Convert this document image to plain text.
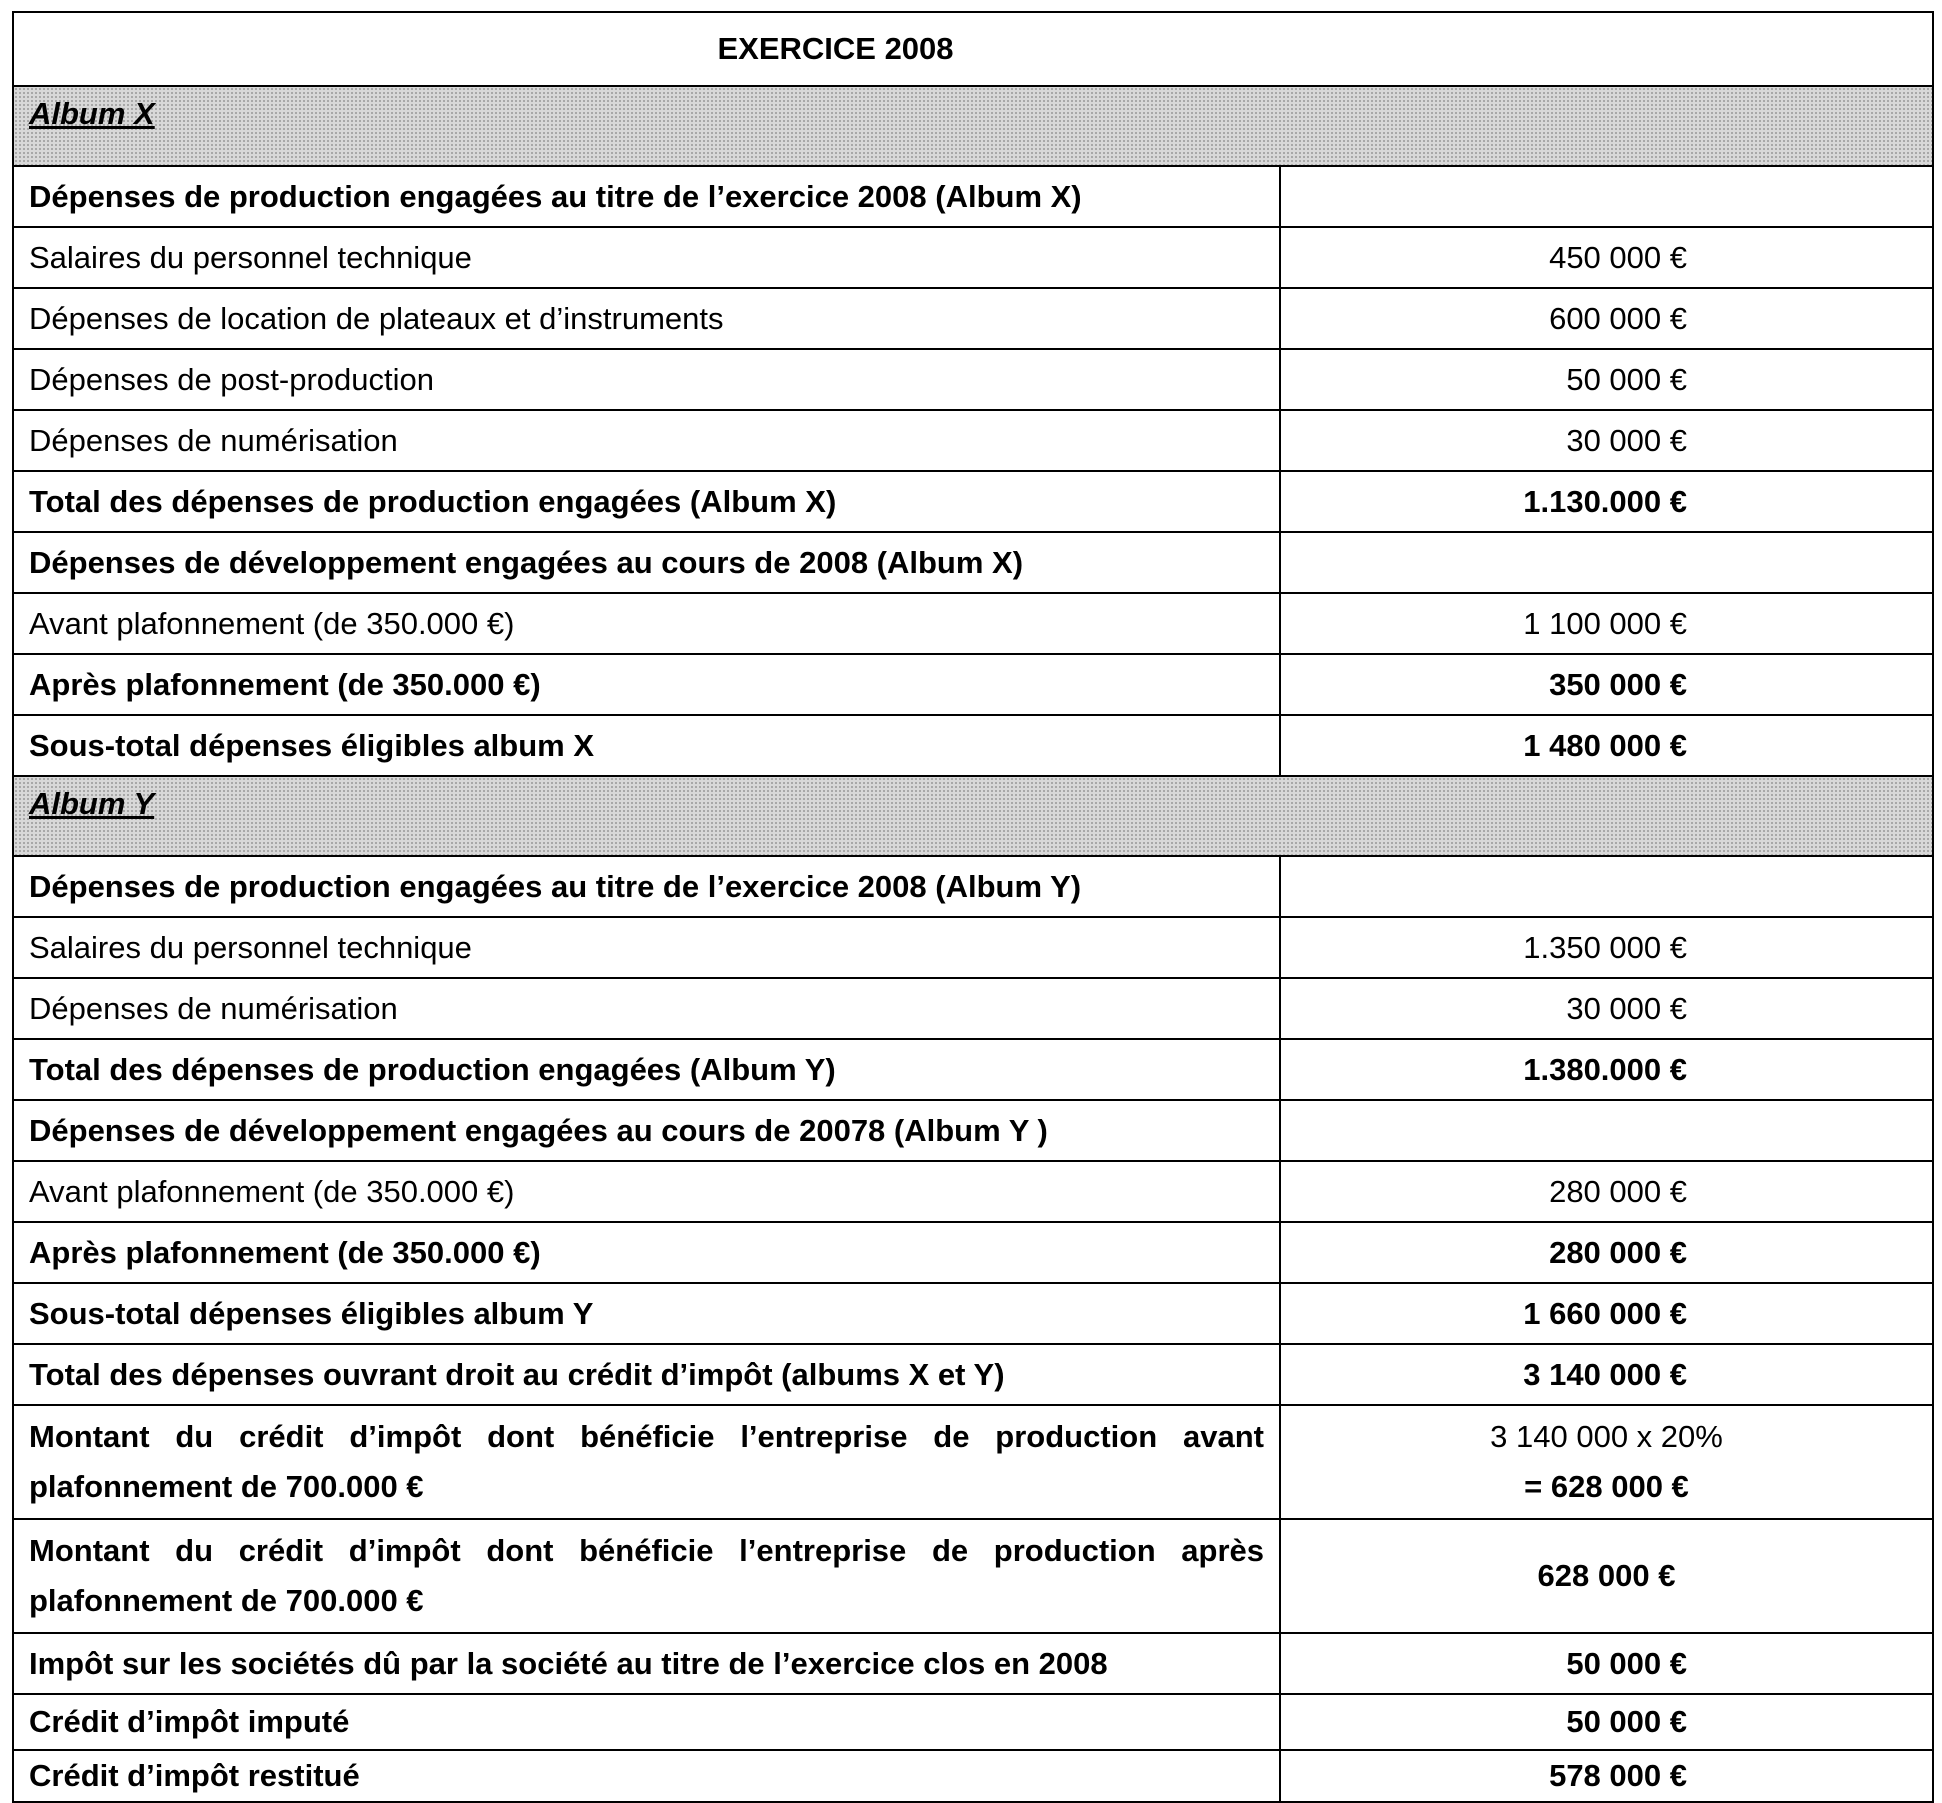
EXERCICE 2008	
Album X	
Dépenses de production engagées au titre de l’exercice 2008 (Album X)	
Salaires du personnel technique	450 000 €
Dépenses de location de plateaux et d’instruments	600 000 €
Dépenses de post-production	50 000 €
Dépenses de numérisation	30 000 €
Total des dépenses de production engagées (Album X)	1.130.000 €
Dépenses de développement engagées au cours de 2008 (Album X)	
Avant plafonnement (de 350.000 €)	1 100 000 €
Après plafonnement (de 350.000 €)	350 000 €
Sous-total dépenses éligibles album X	1 480 000 €
Album Y	
Dépenses de production engagées au titre de l’exercice 2008 (Album Y)	
Salaires du personnel technique	1.350 000 €
Dépenses de numérisation	30 000 €
Total des dépenses de production engagées (Album Y)	1.380.000 €
Dépenses de développement engagées au cours de 20078 (Album Y )	
Avant plafonnement (de 350.000 €)	280 000 €
Après plafonnement (de 350.000 €)	280 000 €
Sous-total dépenses éligibles album Y	1 660 000 €
Total des dépenses ouvrant droit au crédit d’impôt (albums X et Y)	3 140 000 €
Montant du crédit d’impôt dont bénéficie l’entreprise de production avant plafonnement de 700.000 €	3 140 000 x 20%
= 628 000 €

Montant du crédit d’impôt dont bénéficie l’entreprise de production après plafonnement de 700.000 €	628 000 €
Impôt sur les sociétés dû par la société au titre de l’exercice clos en 2008	50 000 €
Crédit d’impôt imputé	50 000 €
Crédit d’impôt restitué	578 000 €
